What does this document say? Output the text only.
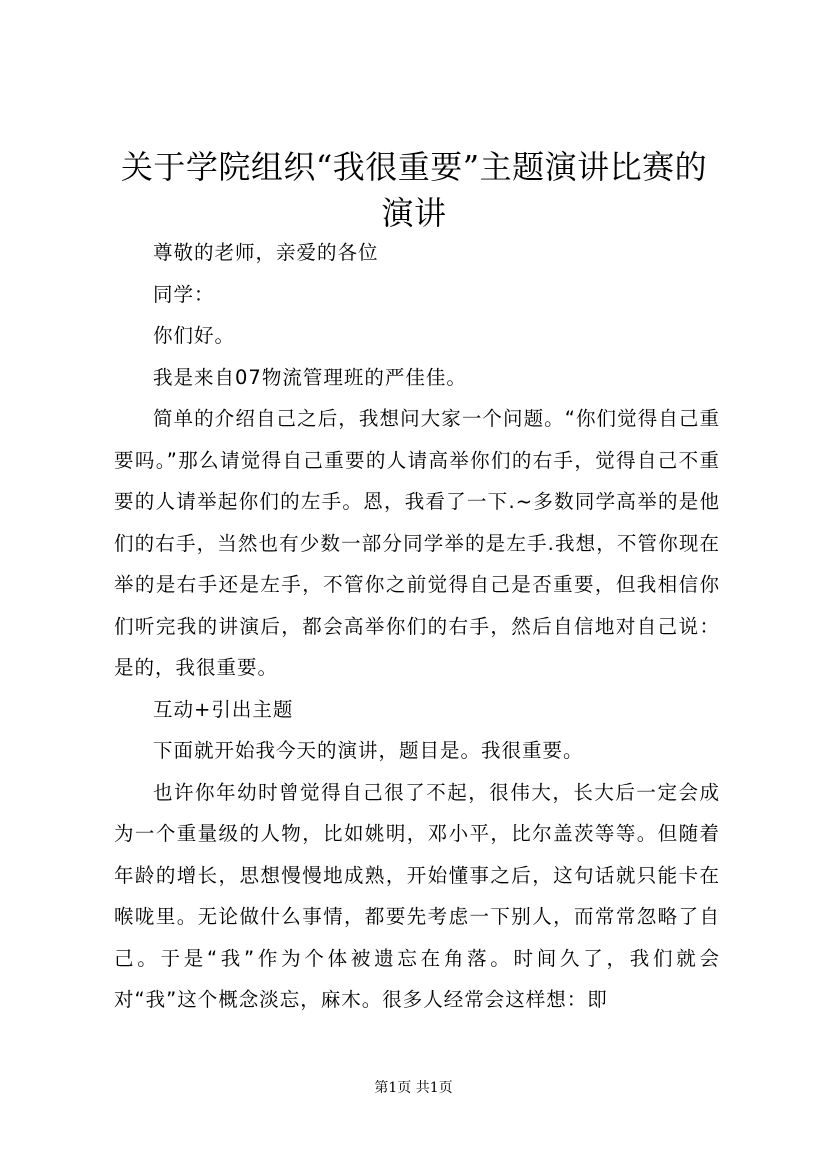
关于学院组织“我很重要”主题演讲比赛的演讲

尊敬的老师，亲爱的各位

同学：

你们好。

我是来自07物流管理班的严佳佳。

简单的介绍自己之后，我想问大家一个问题。“你们觉得自己重要吗。”那么请觉得自己重要的人请高举你们的右手，觉得自己不重要的人请举起你们的左手。恩，我看了一下.~多数同学高举的是他们的右手，当然也有少数一部分同学举的是左手.我想，不管你现在举的是右手还是左手，不管你之前觉得自己是否重要，但我相信你们听完我的讲演后，都会高举你们的右手，然后自信地对自己说：是的，我很重要。

互动+引出主题

下面就开始我今天的演讲，题目是。我很重要。

也许你年幼时曾觉得自己很了不起，很伟大，长大后一定会成为一个重量级的人物，比如姚明，邓小平，比尔盖茨等等。但随着年龄的增长，思想慢慢地成熟，开始懂事之后，这句话就只能卡在喉咙里。无论做什么事情，都要先考虑一下别人，而常常忽略了自己。于是“我”作为个体被遗忘在角落。时间久了，我们就会对“我”这个概念淡忘，麻木。很多人经常会这样想：即

第1页 共1页
